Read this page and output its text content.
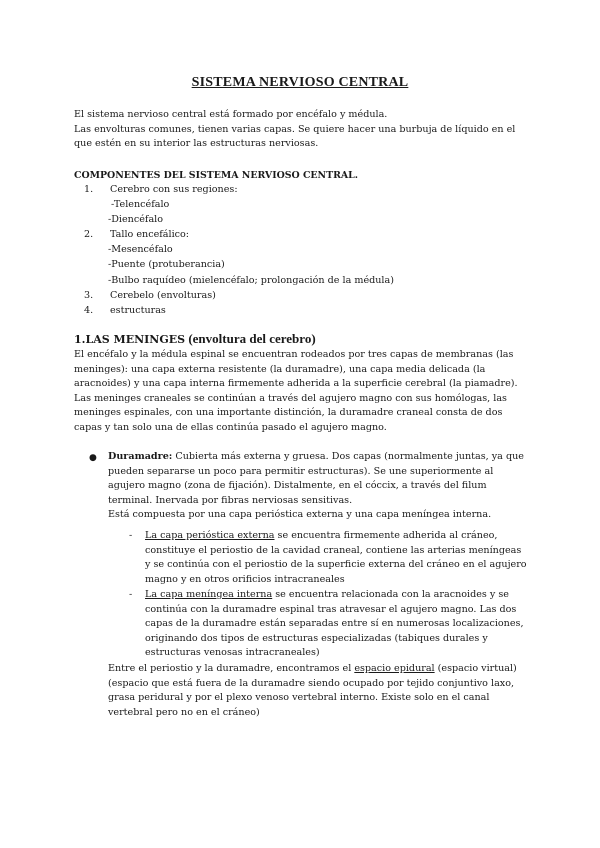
SISTEMA NERVIOSO CENTRAL

El sistema nervioso central está formado por encéfalo y médula.

Las envolturas comunes, tienen varias capas. Se quiere hacer una burbuja de líquido en el que estén en su interior las estructuras nerviosas.

COMPONENTES DEL SISTEMA NERVIOSO CENTRAL.
1. Cerebro con sus regiones:
-Telencéfalo
-Diencéfalo
2. Tallo encefálico:
-Mesencéfalo
-Puente (protuberancia)
-Bulbo raquídeo (mielencéfalo; prolongación de la médula)
3. Cerebelo (envolturas)
4. estructuras
1.LAS MENINGES (envoltura del cerebro)

El encéfalo y la médula espinal se encuentran rodeados por tres capas de membranas (las meninges): una capa externa resistente (la duramadre), una capa media delicada (la aracnoides) y una capa interna firmemente adherida a la superficie cerebral (la piamadre). Las meninges craneales se continúan a través del agujero magno con sus homólogas, las meninges espinales, con una importante distinción, la duramadre craneal consta de dos capas y tan solo una de ellas continúa pasado el agujero magno.

● Duramadre: Cubierta más externa y gruesa. Dos capas (normalmente juntas, ya que pueden separarse un poco para permitir estructuras). Se une superiormente al agujero magno (zona de fijación). Distalmente, en el cóccix, a través del filum terminal. Inervada por fibras nerviosas sensitivas.

Está compuesta por una capa perióstica externa y una capa meníngea interna.

- La capa perióstica externa se encuentra firmemente adherida al cráneo, constituye el periostio de la cavidad craneal, contiene las arterias meníngeas y se continúa con el periostio de la superficie externa del cráneo en el agujero magno y en otros orificios intracraneales

- La capa meníngea interna se encuentra relacionada con la aracnoides y se continúa con la duramadre espinal tras atravesar el agujero magno. Las dos capas de la duramadre están separadas entre sí en numerosas localizaciones, originando dos tipos de estructuras especializadas (tabiques durales y estructuras venosas intracraneales)

Entre el periostio y la duramadre, encontramos el espacio epidural (espacio virtual) (espacio que está fuera de la duramadre siendo ocupado por tejido conjuntivo laxo, grasa peridural y por el plexo venoso vertebral interno. Existe solo en el canal vertebral pero no en el cráneo)
